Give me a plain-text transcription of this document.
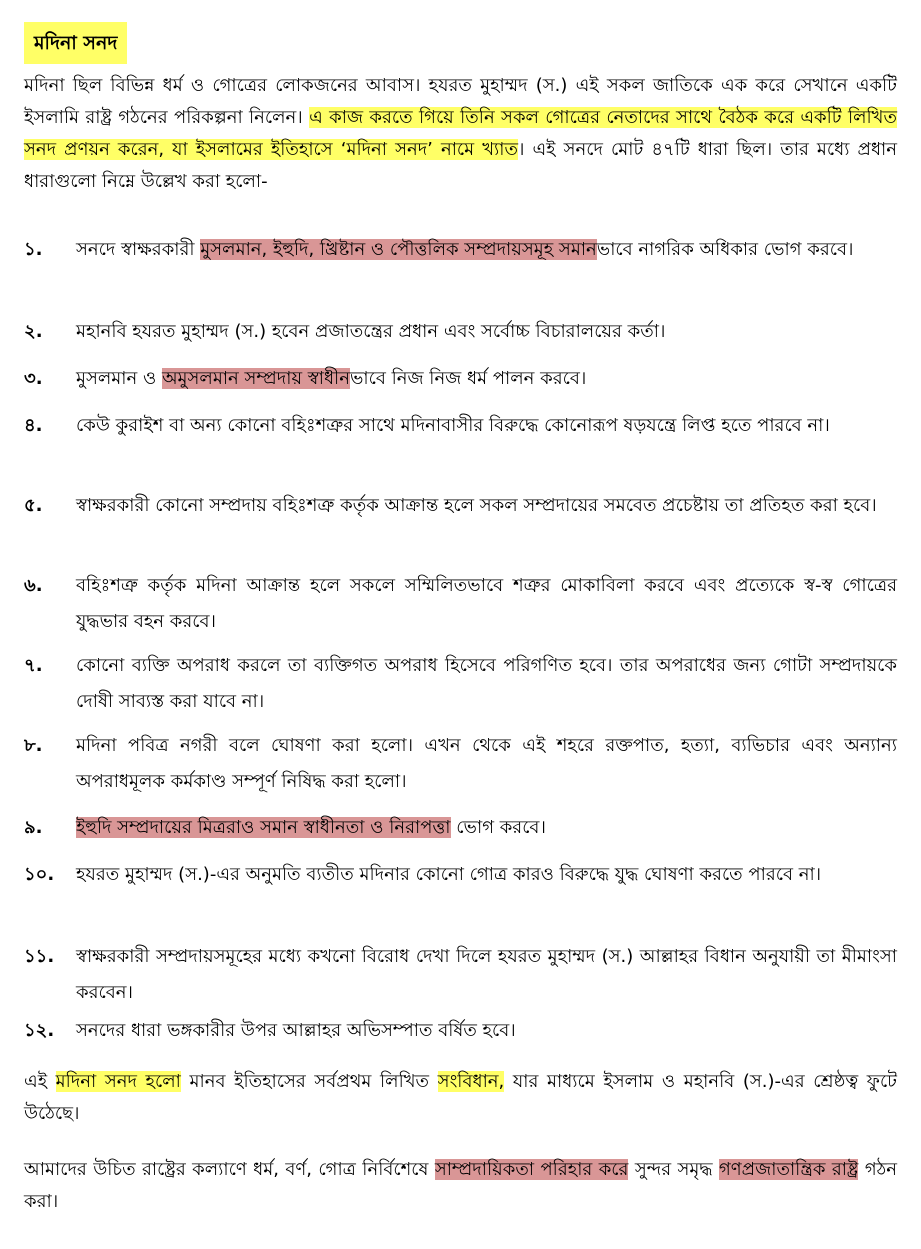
মদিনা সনদ

মদিনা ছিল বিভিন্ন ধর্ম ও গোত্রের লোকজনের আবাস। হযরত মুহাম্মদ (স.) এই সকল জাতিকে এক করে সেখানে একটি ইসলামি রাষ্ট্র গঠনের পরিকল্পনা নিলেন। এ কাজ করতে গিয়ে তিনি সকল গোত্রের নেতাদের সাথে বৈঠক করে একটি লিখিত সনদ প্রণয়ন করেন, যা ইসলামের ইতিহাসে ‘মদিনা সনদ’ নামে খ্যাত। এই সনদে মোট ৪৭টি ধারা ছিল। তার মধ্যে প্রধান ধারাগুলো নিম্নে উল্লেখ করা হলো-

১.	সনদে স্বাক্ষরকারী মুসলমান, ইহুদি, খ্রিষ্টান ও পৌত্তলিক সম্প্রদায়সমূহ সমানভাবে নাগরিক অধিকার ভোগ করবে।
২.	মহানবি হযরত মুহাম্মদ (স.) হবেন প্রজাতন্ত্রের প্রধান এবং সর্বোচ্চ বিচারালয়ের কর্তা।
৩.	মুসলমান ও অমুসলমান সম্প্রদায় স্বাধীনভাবে নিজ নিজ ধর্ম পালন করবে।
৪.	কেউ কুরাইশ বা অন্য কোনো বহিঃশত্রুর সাথে মদিনাবাসীর বিরুদ্ধে কোনোরূপ ষড়যন্ত্রে লিপ্ত হতে পারবে না।
৫.	স্বাক্ষরকারী কোনো সম্প্রদায় বহিঃশত্রু কর্তৃক আক্রান্ত হলে সকল সম্প্রদায়ের সমবেত প্রচেষ্টায় তা প্রতিহত করা হবে।
৬.	বহিঃশত্রু কর্তৃক মদিনা আক্রান্ত হলে সকলে সম্মিলিতভাবে শত্রুর মোকাবিলা করবে এবং প্রত্যেকে স্ব-স্ব গোত্রের যুদ্ধভার বহন করবে।
৭.	কোনো ব্যক্তি অপরাধ করলে তা ব্যক্তিগত অপরাধ হিসেবে পরিগণিত হবে। তার অপরাধের জন্য গোটা সম্প্রদায়কে দোষী সাব্যস্ত করা যাবে না।
৮.	মদিনা পবিত্র নগরী বলে ঘোষণা করা হলো। এখন থেকে এই শহরে রক্তপাত, হত্যা, ব্যভিচার এবং অন্যান্য অপরাধমূলক কর্মকাণ্ড সম্পূর্ণ নিষিদ্ধ করা হলো।
৯.	ইহুদি সম্প্রদায়ের মিত্ররাও সমান স্বাধীনতা ও নিরাপত্তা ভোগ করবে।
১০.	হযরত মুহাম্মদ (স.)-এর অনুমতি ব্যতীত মদিনার কোনো গোত্র কারও বিরুদ্ধে যুদ্ধ ঘোষণা করতে পারবে না।
১১.	স্বাক্ষরকারী সম্প্রদায়সমূহের মধ্যে কখনো বিরোধ দেখা দিলে হযরত মুহাম্মদ (স.) আল্লাহর বিধান অনুযায়ী তা মীমাংসা করবেন।
১২.	সনদের ধারা ভঙ্গকারীর উপর আল্লাহর অভিসম্পাত বর্ষিত হবে।

এই মদিনা সনদ হলো মানব ইতিহাসের সর্বপ্রথম লিখিত সংবিধান, যার মাধ্যমে ইসলাম ও মহানবি (স.)-এর শ্রেষ্ঠত্ব ফুটে উঠেছে।

আমাদের উচিত রাষ্ট্রের কল্যাণে ধর্ম, বর্ণ, গোত্র নির্বিশেষে সাম্প্রদায়িকতা পরিহার করে সুন্দর সমৃদ্ধ গণপ্রজাতান্ত্রিক রাষ্ট্র গঠন করা।
